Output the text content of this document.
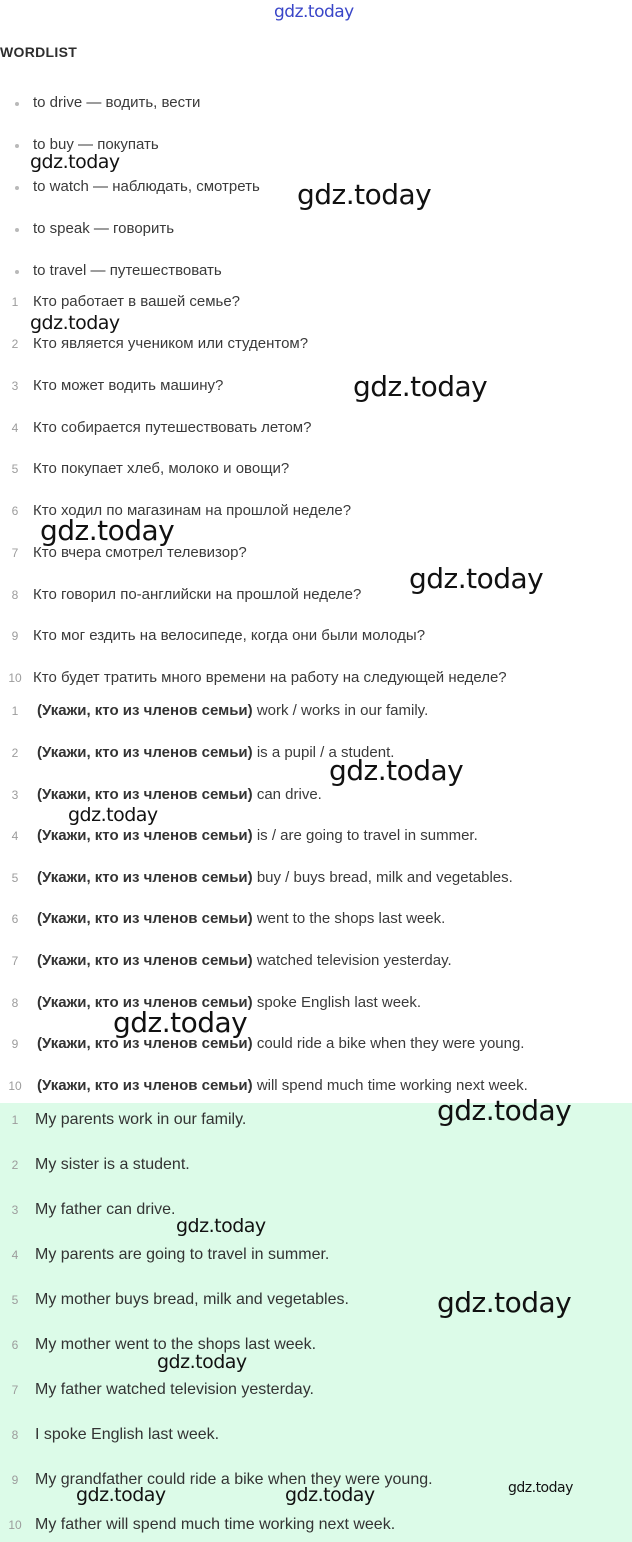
gdz.today
WORDLIST
to drive — водить, вести
to buy — покупать
to watch — наблюдать, смотреть
to speak — говорить
to travel — путешествовать
1 Кто работает в вашей семье?
2 Кто является учеником или студентом?
3 Кто может водить машину?
4 Кто собирается путешествовать летом?
5 Кто покупает хлеб, молоко и овощи?
6 Кто ходил по магазинам на прошлой неделе?
7 Кто вчера смотрел телевизор?
8 Кто говорил по-английски на прошлой неделе?
9 Кто мог ездить на велосипеде, когда они были молоды?
10 Кто будет тратить много времени на работу на следующей неделе?
1	(Укажи, кто из членов семьи) work / works in our family.
2	(Укажи, кто из членов семьи) is a pupil / a student.
3	(Укажи, кто из членов семьи) can drive.
4	(Укажи, кто из членов семьи) is / are going to travel in summer.
5	(Укажи, кто из членов семьи) buy / buys bread, milk and vegetables.
6	(Укажи, кто из членов семьи) went to the shops last week.
7	(Укажи, кто из членов семьи) watched television yesterday.
8	(Укажи, кто из членов семьи) spoke English last week.
9	(Укажи, кто из членов семьи) could ride a bike when they were young.
10 (Укажи, кто из членов семьи) will spend much time working next week.
1	My parents work in our family.
2	My sister is a student.
3	My father can drive.
4	My parents are going to travel in summer.
5	My mother buys bread, milk and vegetables.
6	My mother went to the shops last week.
7	My father watched television yesterday.
8	I spoke English last week.
9	My grandfather could ride a bike when they were young.
10 My father will spend much time working next week.
gdz.today
gdz.today
gdz.today
gdz.today
gdz.today
gdz.today
gdz.today
gdz.today
gdz.today
gdz.today
gdz.today
gdz.today
gdz.today
gdz.today	gdz.today	gdz.today
